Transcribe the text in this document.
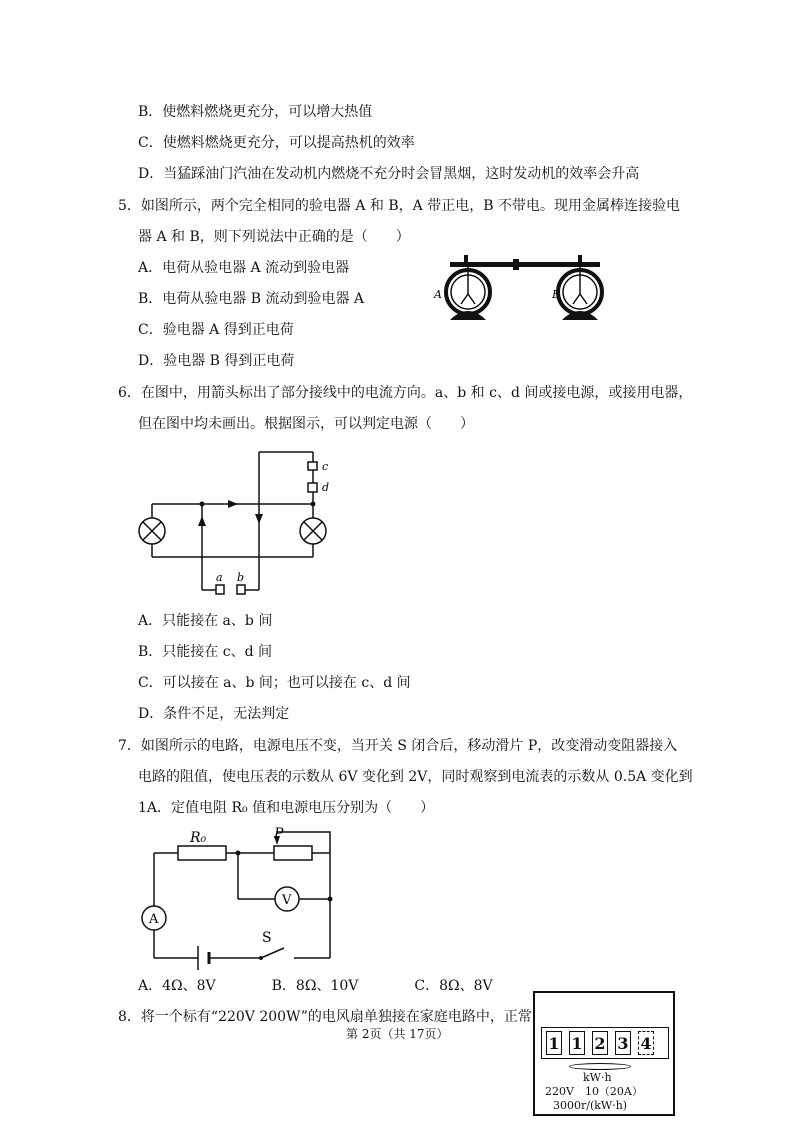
B．使燃料燃烧更充分，可以增大热值
C．使燃料燃烧更充分，可以提高热机的效率
D．当猛踩油门汽油在发动机内燃烧不充分时会冒黑烟，这时发动机的效率会升高
5．如图所示，两个完全相同的验电器 A 和 B，A 带正电，B 不带电。现用金属棒连接验电
器 A 和 B，则下列说法中正确的是（　　）
A．电荷从验电器 A 流动到验电器
B．电荷从验电器 B 流动到验电器 A
C．验电器 A 得到正电荷
D．验电器 B 得到正电荷
A	B
6．在图中，用箭头标出了部分接线中的电流方向。a、b 和 c、d 间或接电源，或接用电器，
但在图中均未画出。根据图示，可以判定电源（　　）
c
d
a b
A．只能接在 a、b 间
B．只能接在 c、d 间
C．可以接在 a、b 间；也可以接在 c、d 间
D．条件不足，无法判定
7．如图所示的电路，电源电压不变，当开关 S 闭合后，移动滑片 P，改变滑动变阻器接入
电路的阻值，使电压表的示数从 6V 变化到 2V，同时观察到电流表的示数从 0.5A 变化到
1A．定值电阻 R₀ 值和电源电压分别为（　　）
R₀	P
V
A
S
A．4Ω、8V　　　　B．8Ω、10V　　　　C．8Ω、8V
8．将一个标有“220V 200W”的电风扇单独接在家庭电路中，正常
第 2页（共 17页）	1 1 2 3 4
kW·h
220V　10（20A）
3000r/(kW·h)
